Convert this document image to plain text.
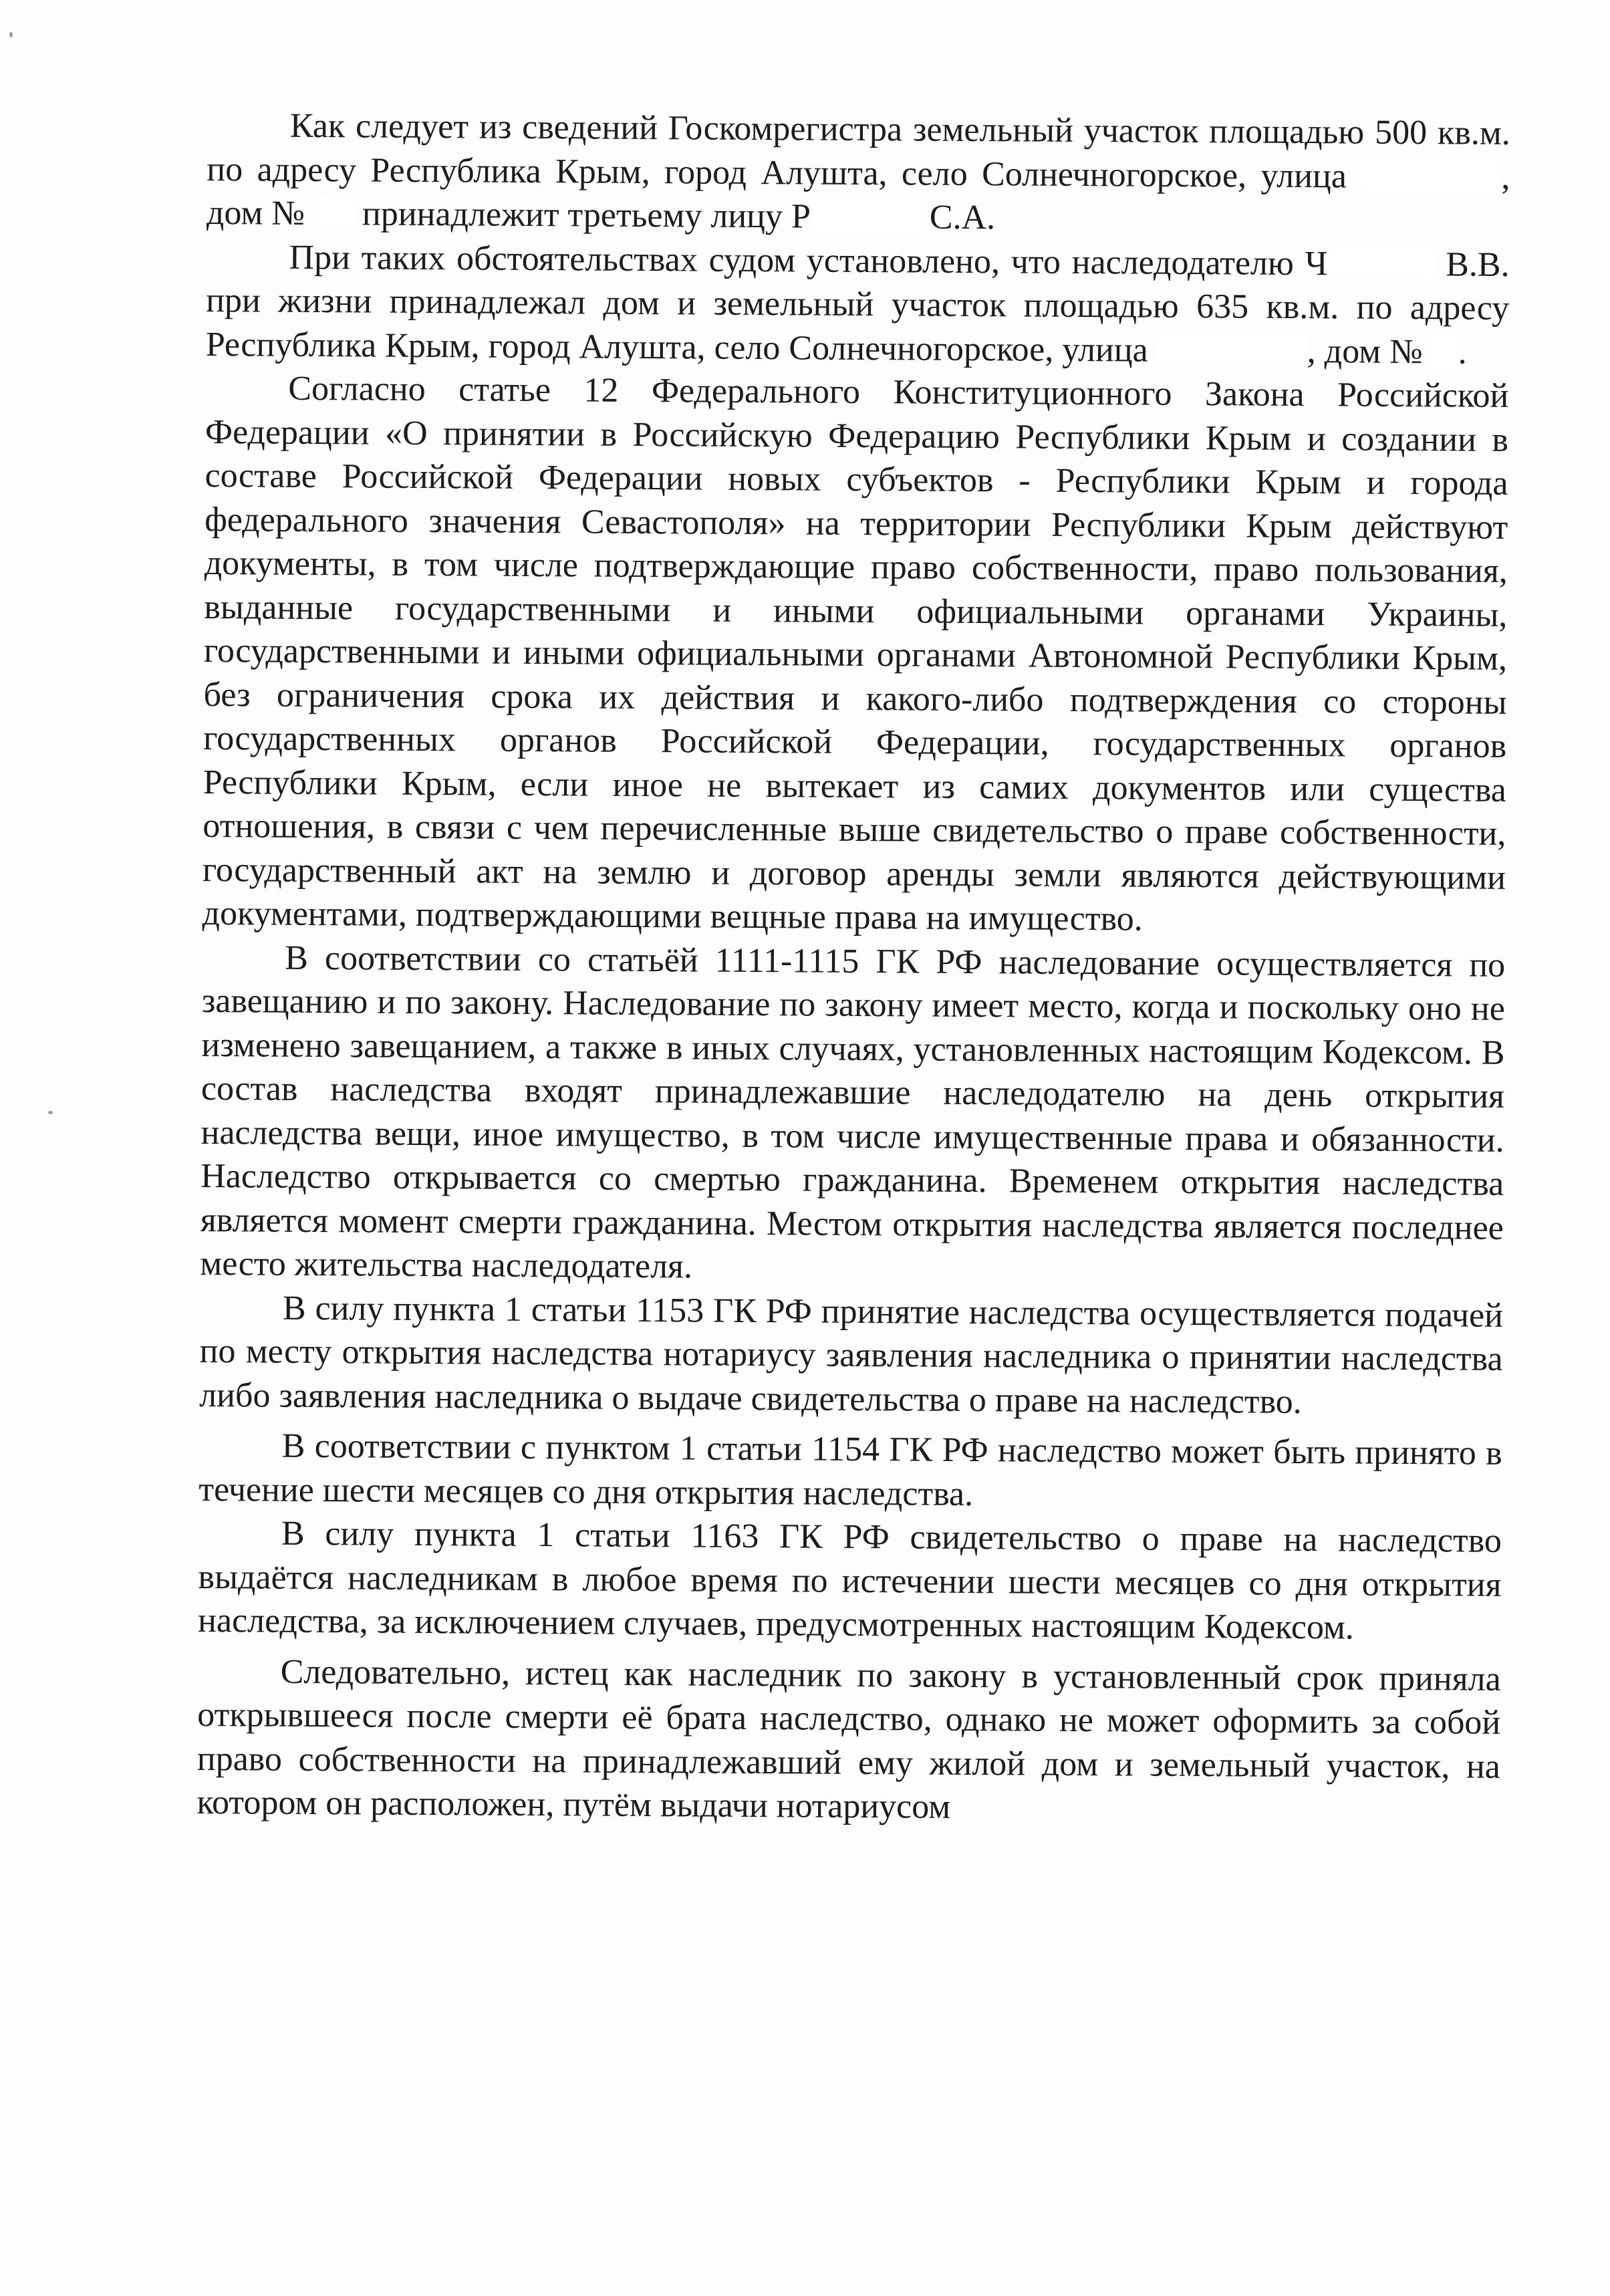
Как следует из сведений Госкомрегистра земельный участок площадью 500 кв.м. по адресу Республика Крым, город Алушта, село Солнечногорское, улица	, дом №  принадлежит третьему лицу Р	С.А.

При таких обстоятельствах судом установлено, что наследодателю Ч	В.В. при жизни принадлежал дом и земельный участок площадью 635 кв.м. по адресу Республика Крым, город Алушта, село Солнечногорское, улица	, дом № .

Согласно статье 12 Федерального Конституционного Закона Российской Федерации «О принятии в Российскую Федерацию Республики Крым и создании в составе Российской Федерации новых субъектов - Республики Крым и города федерального значения Севастополя» на территории Республики Крым действуют документы, в том числе подтверждающие право собственности, право пользования, выданные государственными и иными официальными органами Украины, государственными и иными официальными органами Автономной Республики Крым, без ограничения срока их действия и какого-либо подтверждения со стороны государственных органов Российской Федерации, государственных органов Республики Крым, если иное не вытекает из самих документов или существа отношения, в связи с чем перечисленные выше свидетельство о праве собственности, государственный акт на землю и договор аренды земли являются действующими документами, подтверждающими вещные права на имущество.

В соответствии со статьёй 1111-1115 ГК РФ наследование осуществляется по завещанию и по закону. Наследование по закону имеет место, когда и поскольку оно не изменено завещанием, а также в иных случаях, установленных настоящим Кодексом. В состав наследства входят принадлежавшие наследодателю на день открытия наследства вещи, иное имущество, в том числе имущественные права и обязанности. Наследство открывается со смертью гражданина. Временем открытия наследства является момент смерти гражданина. Местом открытия наследства является последнее место жительства наследодателя.

В силу пункта 1 статьи 1153 ГК РФ принятие наследства осуществляется подачей по месту открытия наследства нотариусу заявления наследника о принятии наследства либо заявления наследника о выдаче свидетельства о праве на наследство.

В соответствии с пунктом 1 статьи 1154 ГК РФ наследство может быть принято в течение шести месяцев со дня открытия наследства.

В силу пункта 1 статьи 1163 ГК РФ свидетельство о праве на наследство выдаётся наследникам в любое время по истечении шести месяцев со дня открытия наследства, за исключением случаев, предусмотренных настоящим Кодексом.

Следовательно, истец как наследник по закону в установленный срок приняла открывшееся после смерти её брата наследство, однако не может оформить за собой право собственности на принадлежавший ему жилой дом и земельный участок, на котором он расположен, путём выдачи нотариусом
